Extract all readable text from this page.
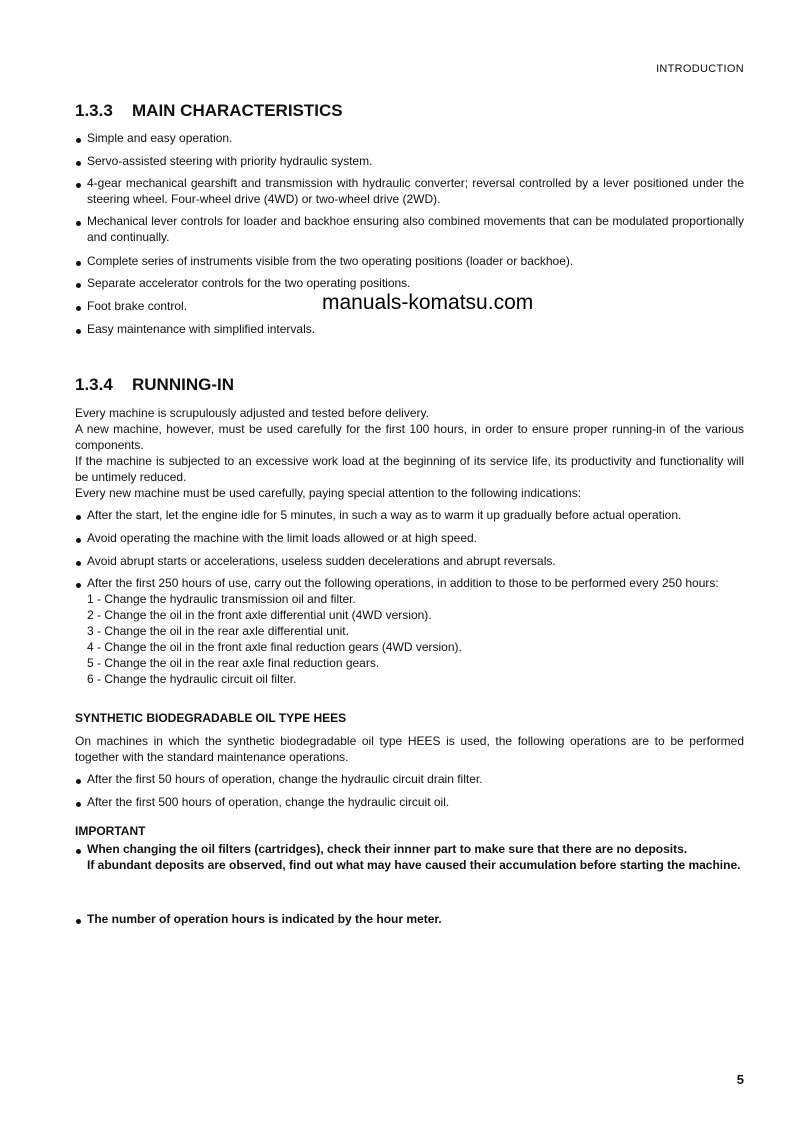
INTRODUCTION
1.3.3 MAIN CHARACTERISTICS
Simple and easy operation.
Servo-assisted steering with priority hydraulic system.
4-gear mechanical gearshift and transmission with hydraulic converter; reversal controlled by a lever positioned under the steering wheel. Four-wheel drive (4WD) or two-wheel drive (2WD).
Mechanical lever controls for loader and backhoe ensuring also combined movements that can be modulated proportionally and continually.
Complete series of instruments visible from the two operating positions (loader or backhoe).
Separate accelerator controls for the two operating positions.
Foot brake control.
Easy maintenance with simplified intervals.
manuals-komatsu.com
1.3.4 RUNNING-IN
Every machine is scrupulously adjusted and tested before delivery.
A new machine, however, must be used carefully for the first 100 hours, in order to ensure proper running-in of the various components.
If the machine is subjected to an excessive work load at the beginning of its service life, its productivity and functionality will be untimely reduced.
Every new machine must be used carefully, paying special attention to the following indications:
After the start, let the engine idle for 5 minutes, in such a way as to warm it up gradually before actual operation.
Avoid operating the machine with the limit loads allowed or at high speed.
Avoid abrupt starts or accelerations, useless sudden decelerations and abrupt reversals.
After the first 250 hours of use, carry out the following operations, in addition to those to be performed every 250 hours:
1 - Change the hydraulic transmission oil and filter.
2 - Change the oil in the front axle differential unit (4WD version).
3 - Change the oil in the rear axle differential unit.
4 - Change the oil in the front axle final reduction gears (4WD version).
5 - Change the oil in the rear axle final reduction gears.
6 - Change the hydraulic circuit oil filter.
SYNTHETIC BIODEGRADABLE OIL TYPE HEES
On machines in which the synthetic biodegradable oil type HEES is used, the following operations are to be performed together with the standard maintenance operations.
After the first 50 hours of operation, change the hydraulic circuit drain filter.
After the first 500 hours of operation, change the hydraulic circuit oil.
IMPORTANT
When changing the oil filters (cartridges), check their innner part to make sure that there are no deposits.
If abundant deposits are observed, find out what may have caused their accumulation before starting the machine.
The number of operation hours is indicated by the hour meter.
5
